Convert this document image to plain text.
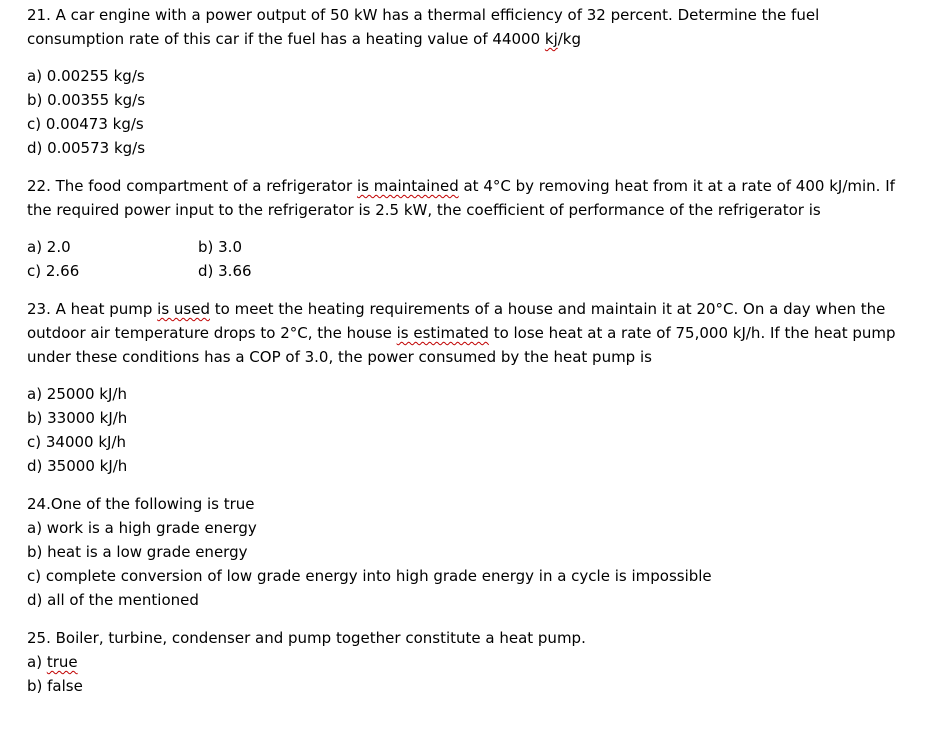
21. A car engine with a power output of 50 kW has a thermal efficiency of 32 percent. Determine the fuel
consumption rate of this car if the fuel has a heating value of 44000 kj/kg
a) 0.00255 kg/s
b) 0.00355 kg/s
c) 0.00473 kg/s
d) 0.00573 kg/s
22. The food compartment of a refrigerator is maintained at 4°C by removing heat from it at a rate of 400 kJ/min. If
the required power input to the refrigerator is 2.5 kW, the coefficient of performance of the refrigerator is
a) 2.0	b) 3.0
c) 2.66	d) 3.66
23. A heat pump is used to meet the heating requirements of a house and maintain it at 20°C. On a day when the
outdoor air temperature drops to 2°C, the house is estimated to lose heat at a rate of 75,000 kJ/h. If the heat pump
under these conditions has a COP of 3.0, the power consumed by the heat pump is
a) 25000 kJ/h
b) 33000 kJ/h
c) 34000 kJ/h
d) 35000 kJ/h
24.One of the following is true
a) work is a high grade energy
b) heat is a low grade energy
c) complete conversion of low grade energy into high grade energy in a cycle is impossible
d) all of the mentioned
25. Boiler, turbine, condenser and pump together constitute a heat pump.
a) true
b) false
